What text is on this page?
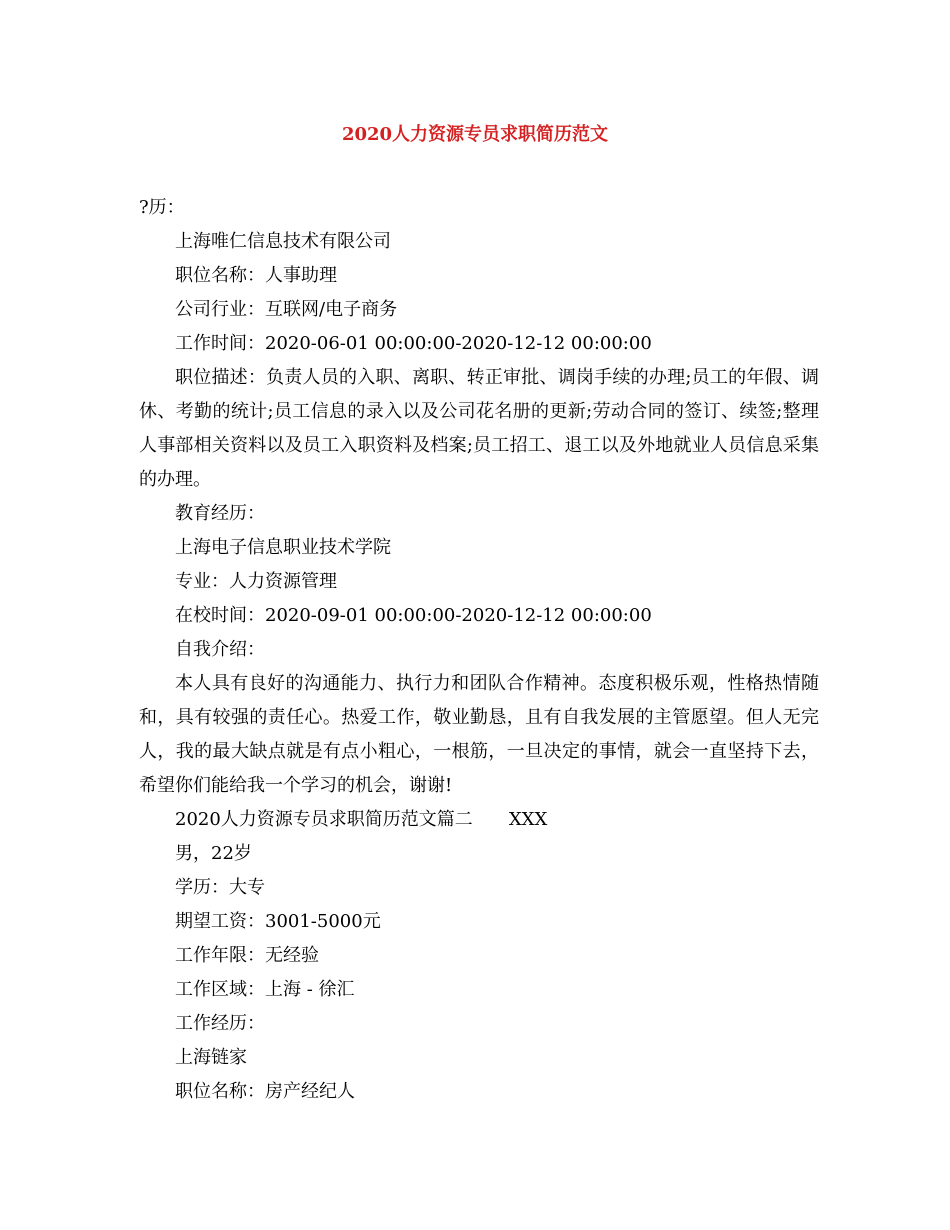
2020人力资源专员求职简历范文
?历：
上海唯仁信息技术有限公司
职位名称：人事助理
公司行业：互联网/电子商务
工作时间：2020-06-01 00:00:00-2020-12-12 00:00:00
职位描述：负责人员的入职、离职、转正审批、调岗手续的办理;员工的年假、调休、考勤的统计;员工信息的录入以及公司花名册的更新;劳动合同的签订、续签;整理人事部相关资料以及员工入职资料及档案;员工招工、退工以及外地就业人员信息采集的办理。
教育经历：
上海电子信息职业技术学院
专业：人力资源管理
在校时间：2020-09-01 00:00:00-2020-12-12 00:00:00
自我介绍：
本人具有良好的沟通能力、执行力和团队合作精神。态度积极乐观，性格热情随和，具有较强的责任心。热爱工作，敬业勤恳，且有自我发展的主管愿望。但人无完人，我的最大缺点就是有点小粗心，一根筋，一旦决定的事情，就会一直坚持下去，希望你们能给我一个学习的机会，谢谢!
2020人力资源专员求职简历范文篇二 XXX
男，22岁
学历：大专
期望工资：3001-5000元
工作年限：无经验
工作区域：上海 - 徐汇
工作经历：
上海链家
职位名称：房产经纪人
